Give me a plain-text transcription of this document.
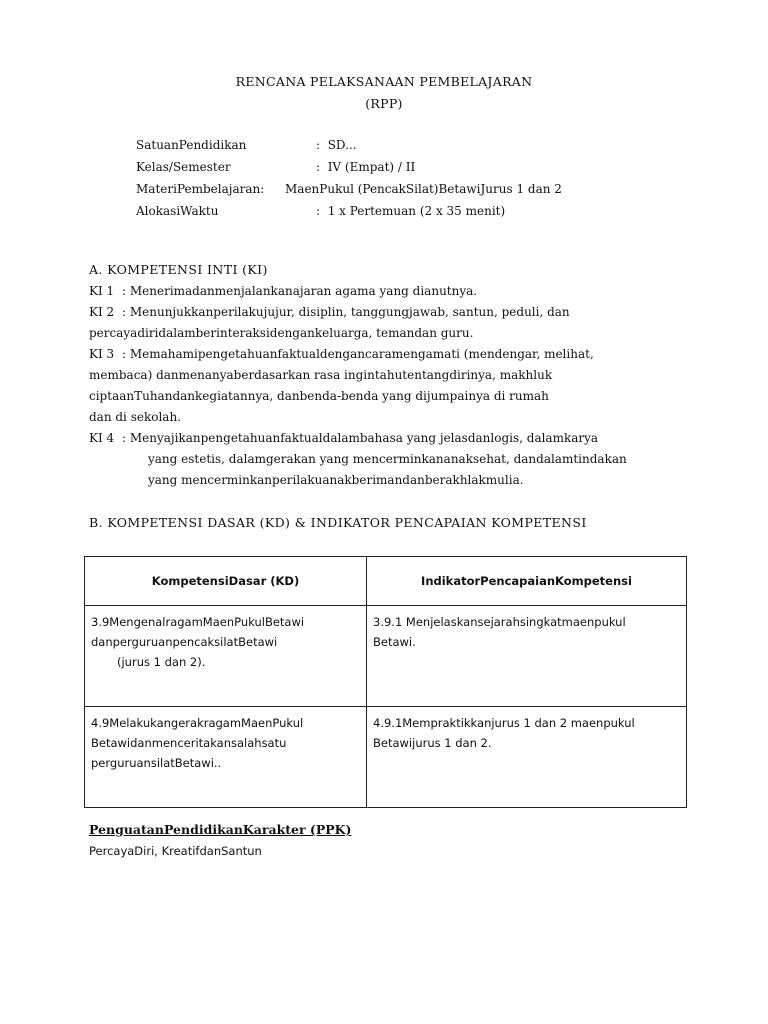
RENCANA PELAKSANAAN PEMBELAJARAN
(RPP)
SatuanPendidikan	: SD...
Kelas/Semester	: IV (Empat) / II
MateriPembelajaran: MaenPukul (PencakSilat)BetawiJurus 1 dan 2
AlokasiWaktu	: 1 x Pertemuan (2 x 35 menit)
A. KOMPETENSI INTI (KI)
KI 1 : Menerimadanmenjalankanajaran agama yang dianutnya.
KI 2 : Menunjukkanperilakujujur, disiplin, tanggungjawab, santun, peduli, dan
percayadiridalamberinteraksidengankeluarga, temandan guru.
KI 3 : Memahamipengetahuanfaktualdengancaramengamati (mendengar, melihat,
membaca) danmenanyaberdasarkan rasa ingintahutentangdirinya, makhluk
ciptaanTuhandankegiatannya, danbenda-benda yang dijumpainya di rumah
dan di sekolah.
KI 4 : Menyajikanpengetahuanfaktualdalambahasa yang jelasdanlogis, dalamkarya
yang estetis, dalamgerakan yang mencerminkananaksehat, dandalamtindakan
yang mencerminkanperilakuanakberimandanberakhlakmulia.
B. KOMPETENSI DASAR (KD) & INDIKATOR PENCAPAIAN KOMPETENSI
KompetensiDasar (KD)	IndikatorPencapaianKompetensi

3.9MengenalragamMaenPukulBetawi
danperguruanpencaksilatBetawi
(jurus 1 dan 2).	3.9.1 Menjelaskansejarahsingkatmaenpukul
Betawi.

4.9MelakukangerakragamMaenPukul
Betawidanmenceritakansalahsatu
perguruansilatBetawi..	4.9.1Mempraktikkanjurus 1 dan 2 maenpukul
Betawijurus 1 dan 2.
PenguatanPendidikanKarakter (PPK)
PercayaDiri, KreatifdanSantun
